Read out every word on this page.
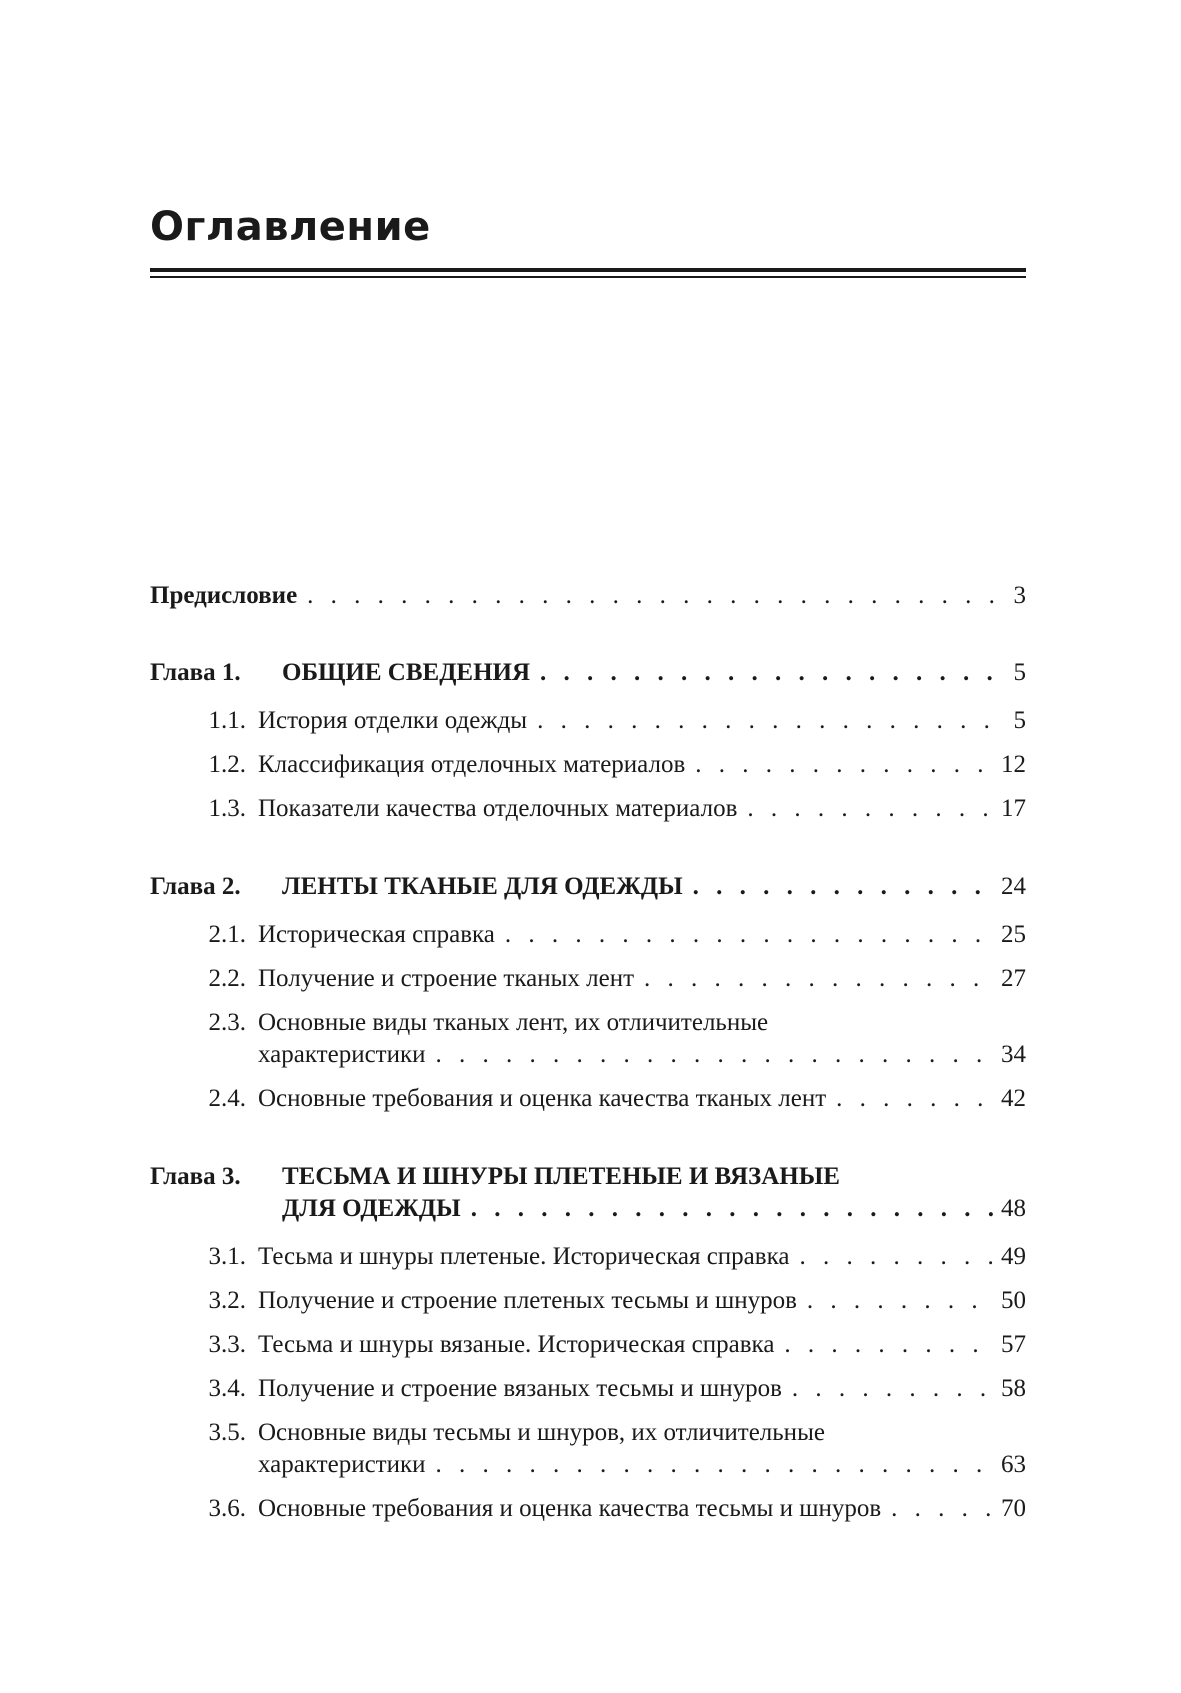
Оглавление
Предисловие . . .	3
Глава 1.	ОБЩИЕ СВЕДЕНИЯ . . .	5
1.1. История отделки одежды . . .	5
1.2. Классификация отделочных материалов . . .	12
1.3. Показатели качества отделочных материалов . . .	17
Глава 2.	ЛЕНТЫ ТКАНЫЕ ДЛЯ ОДЕЖДЫ . . .	24
2.1. Историческая справка . . .	25
2.2. Получение и строение тканых лент . . .	27
2.3. Основные виды тканых лент, их отличительные
характеристики . . .	34
2.4. Основные требования и оценка качества тканых лент . . .	42
Глава 3.	ТЕСЬМА И ШНУРЫ ПЛЕТЕНЫЕ И ВЯЗАНЫЕ
ДЛЯ ОДЕЖДЫ . . .	48
3.1. Тесьма и шнуры плетеные. Историческая справка . . .	49
3.2. Получение и строение плетеных тесьмы и шнуров . . .	50
3.3. Тесьма и шнуры вязаные. Историческая справка . . .	57
3.4. Получение и строение вязаных тесьмы и шнуров . . .	58
3.5. Основные виды тесьмы и шнуров, их отличительные
характеристики . . .	63
3.6. Основные требования и оценка качества тесьмы и шнуров . . .	70
